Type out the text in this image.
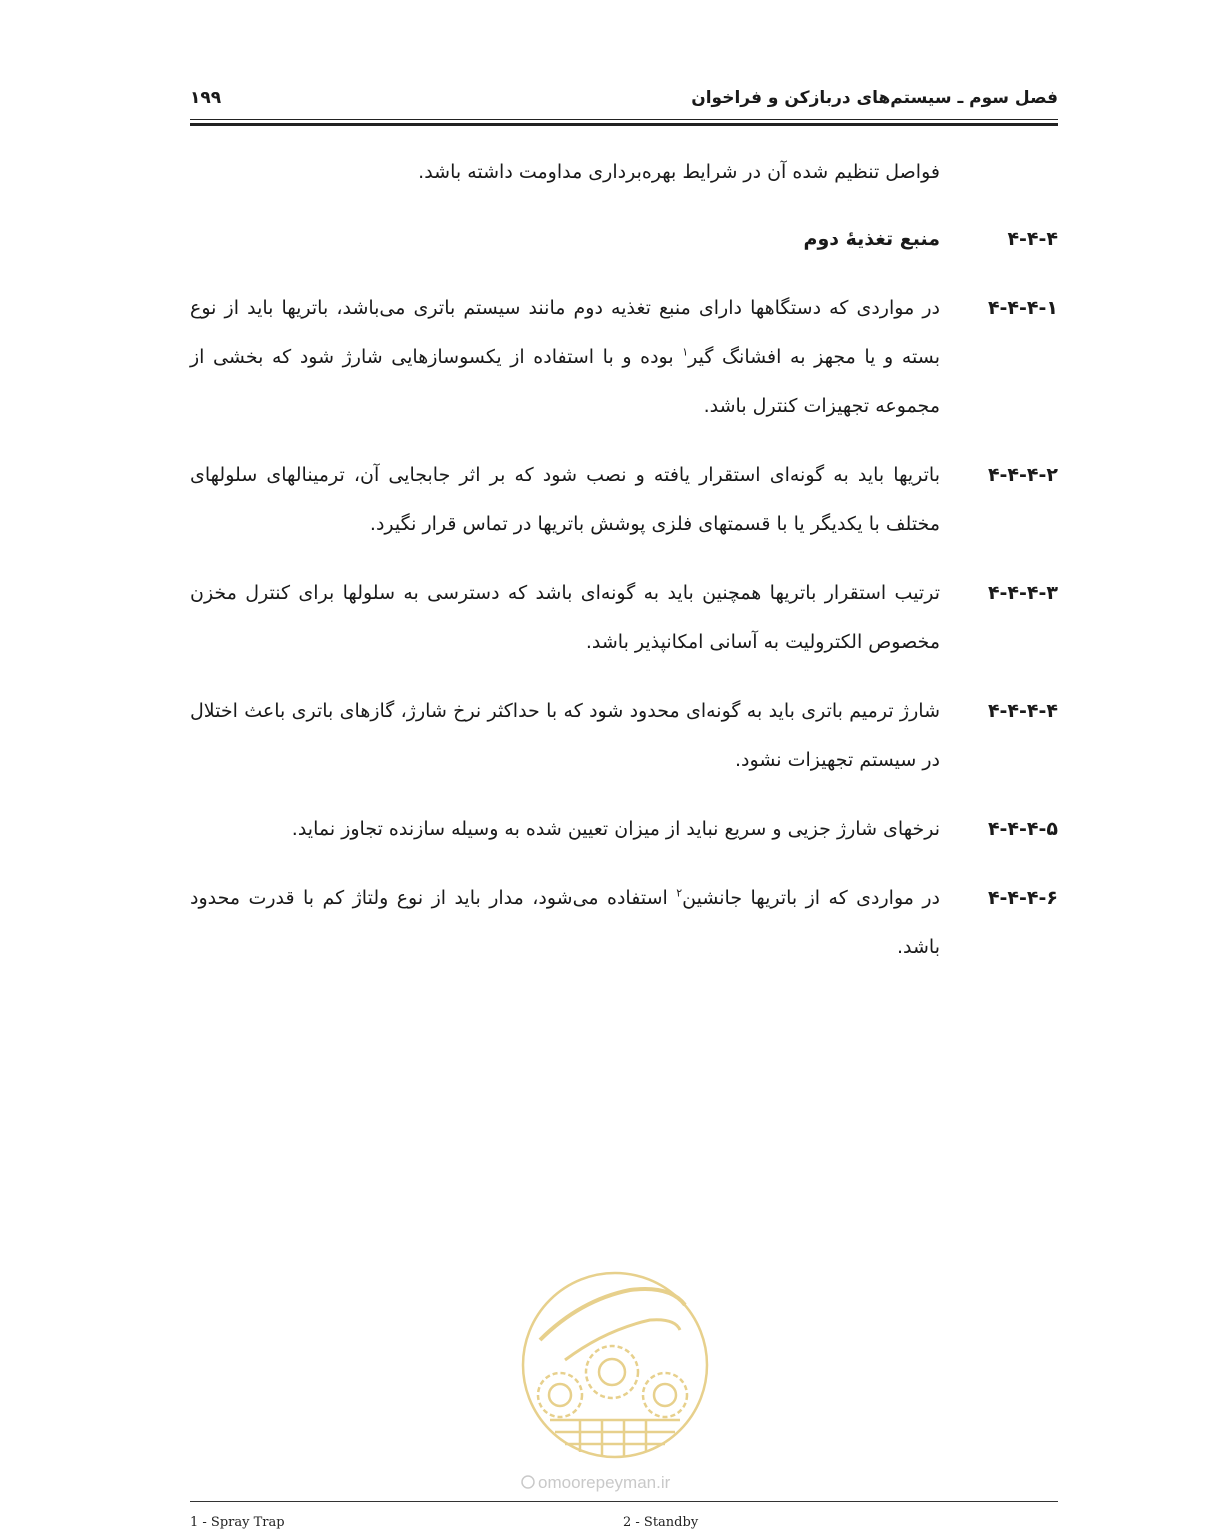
فصل سوم ـ سیستم‌های دربازکن و فراخوان
۱۹۹
فواصل تنظیم شده آن در شرایط بهره‌برداری مداومت داشته باشد.
۴-۴-۴
منبع تغذیهٔ دوم
۴-۴-۴-۱
در مواردی که دستگاهها دارای منبع تغذیه دوم مانند سیستم باتری می‌باشد، باتریها باید از نوع بسته و یا مجهز به افشانگ گیر$^۱$ بوده و با استفاده از یکسوسازهایی شارژ شود که بخشی از مجموعه تجهیزات کنترل باشد.
۴-۴-۴-۲
باتریها باید به گونه‌ای استقرار یافته و نصب شود که بر اثر جابجایی آن، ترمینالهای سلولهای مختلف با یکدیگر یا با قسمتهای فلزی پوشش باتریها در تماس قرار نگیرد.
۴-۴-۴-۳
ترتیب استقرار باتریها همچنین باید به گونه‌ای باشد که دسترسی به سلولها برای کنترل مخزن مخصوص الکترولیت به آسانی امکانپذیر باشد.
۴-۴-۴-۴
شارژ ترمیم باتری باید به گونه‌ای محدود شود که با حداکثر نرخ شارژ، گازهای باتری باعث اختلال در سیستم تجهیزات نشود.
۴-۴-۴-۵
نرخهای شارژ جزیی و سریع نباید از میزان تعیین شده به وسیله سازنده تجاوز نماید.
۴-۴-۴-۶
در مواردی که از باتریها جانشین$^۲$ استفاده می‌شود، مدار باید از نوع ولتاژ کم با قدرت محدود باشد.
omoorepeyman.ir
1 - Spray Trap	2 - Standby
